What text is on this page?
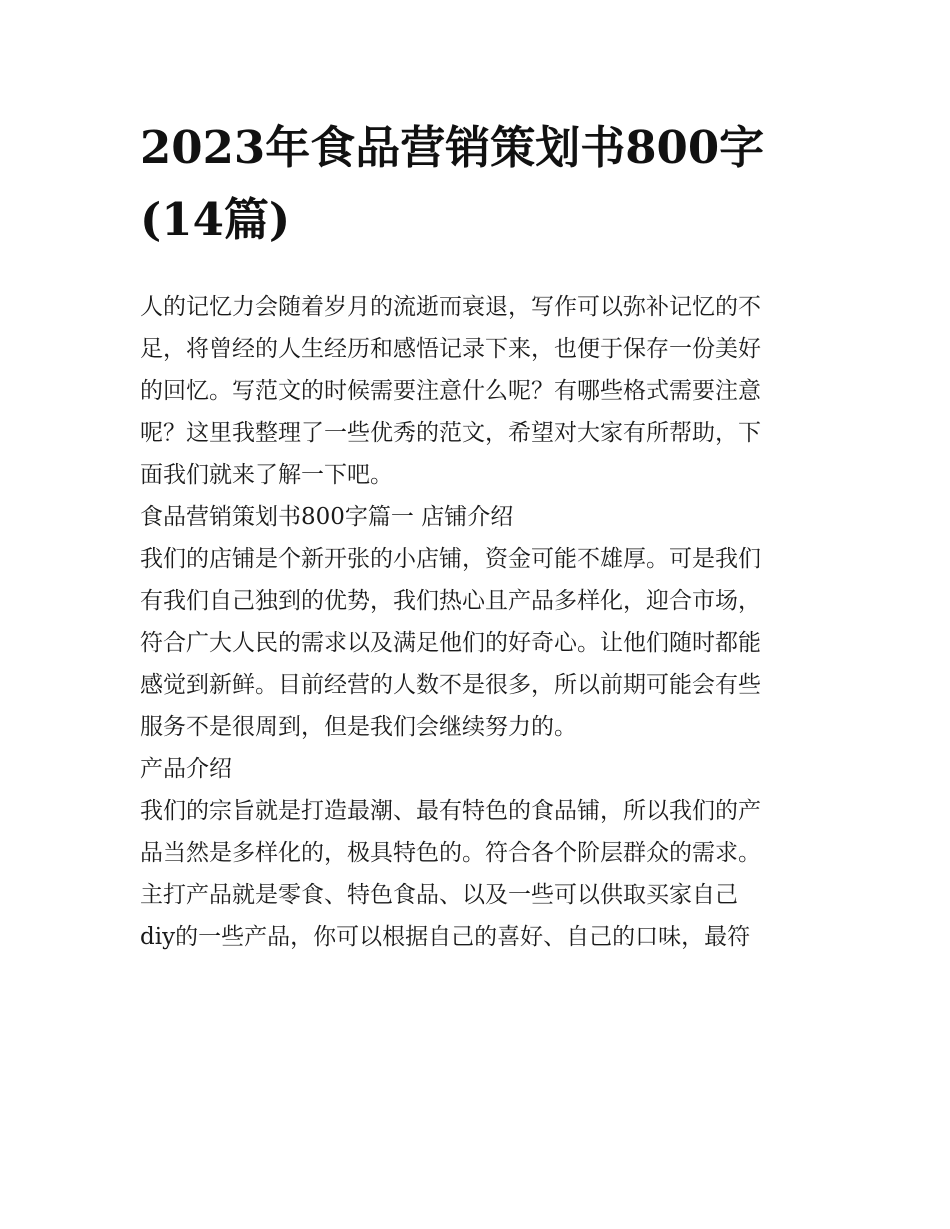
2023年食品营销策划书800字
(14篇)

人的记忆力会随着岁月的流逝而衰退，写作可以弥补记忆的不
足，将曾经的人生经历和感悟记录下来，也便于保存一份美好
的回忆。写范文的时候需要注意什么呢？有哪些格式需要注意
呢？这里我整理了一些优秀的范文，希望对大家有所帮助，下
面我们就来了解一下吧。

食品营销策划书800字篇一 店铺介绍

我们的店铺是个新开张的小店铺，资金可能不雄厚。可是我们
有我们自己独到的优势，我们热心且产品多样化，迎合市场，
符合广大人民的需求以及满足他们的好奇心。让他们随时都能
感觉到新鲜。目前经营的人数不是很多，所以前期可能会有些
服务不是很周到，但是我们会继续努力的。

产品介绍

我们的宗旨就是打造最潮、最有特色的食品铺，所以我们的产
品当然是多样化的，极具特色的。符合各个阶层群众的需求。
主打产品就是零食、特色食品、以及一些可以供取买家自己
diy的一些产品，你可以根据自己的喜好、自己的口味，最符
